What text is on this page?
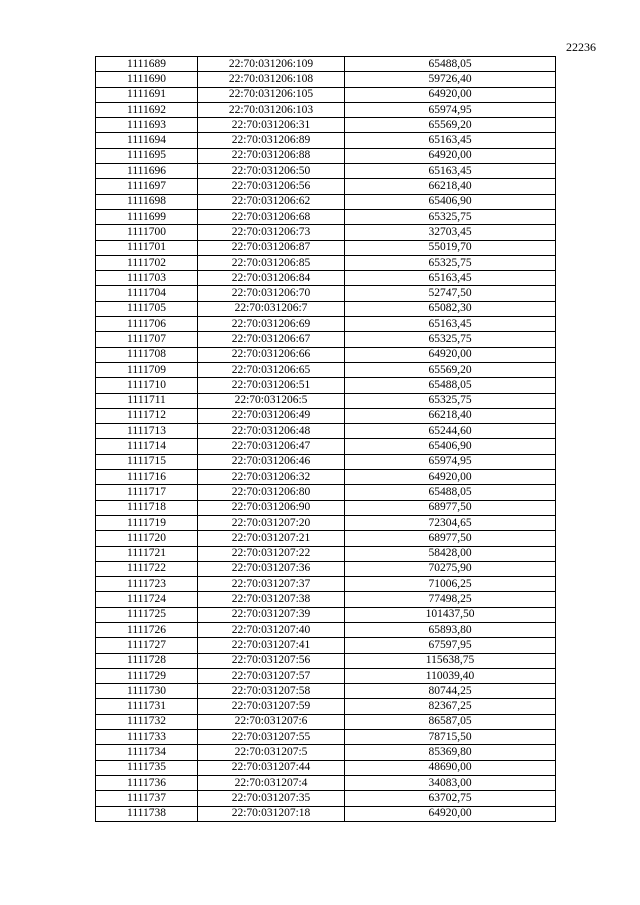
22236
1111689	22:70:031206:109	65488,05
1111690	22:70:031206:108	59726,40
1111691	22:70:031206:105	64920,00
1111692	22:70:031206:103	65974,95
1111693	22:70:031206:31	65569,20
1111694	22:70:031206:89	65163,45
1111695	22:70:031206:88	64920,00
1111696	22:70:031206:50	65163,45
1111697	22:70:031206:56	66218,40
1111698	22:70:031206:62	65406,90
1111699	22:70:031206:68	65325,75
1111700	22:70:031206:73	32703,45
1111701	22:70:031206:87	55019,70
1111702	22:70:031206:85	65325,75
1111703	22:70:031206:84	65163,45
1111704	22:70:031206:70	52747,50
1111705	22:70:031206:7	65082,30
1111706	22:70:031206:69	65163,45
1111707	22:70:031206:67	65325,75
1111708	22:70:031206:66	64920,00
1111709	22:70:031206:65	65569,20
1111710	22:70:031206:51	65488,05
1111711	22:70:031206:5	65325,75
1111712	22:70:031206:49	66218,40
1111713	22:70:031206:48	65244,60
1111714	22:70:031206:47	65406,90
1111715	22:70:031206:46	65974,95
1111716	22:70:031206:32	64920,00
1111717	22:70:031206:80	65488,05
1111718	22:70:031206:90	68977,50
1111719	22:70:031207:20	72304,65
1111720	22:70:031207:21	68977,50
1111721	22:70:031207:22	58428,00
1111722	22:70:031207:36	70275,90
1111723	22:70:031207:37	71006,25
1111724	22:70:031207:38	77498,25
1111725	22:70:031207:39	101437,50
1111726	22:70:031207:40	65893,80
1111727	22:70:031207:41	67597,95
1111728	22:70:031207:56	115638,75
1111729	22:70:031207:57	110039,40
1111730	22:70:031207:58	80744,25
1111731	22:70:031207:59	82367,25
1111732	22:70:031207:6	86587,05
1111733	22:70:031207:55	78715,50
1111734	22:70:031207:5	85369,80
1111735	22:70:031207:44	48690,00
1111736	22:70:031207:4	34083,00
1111737	22:70:031207:35	63702,75
1111738	22:70:031207:18	64920,00
